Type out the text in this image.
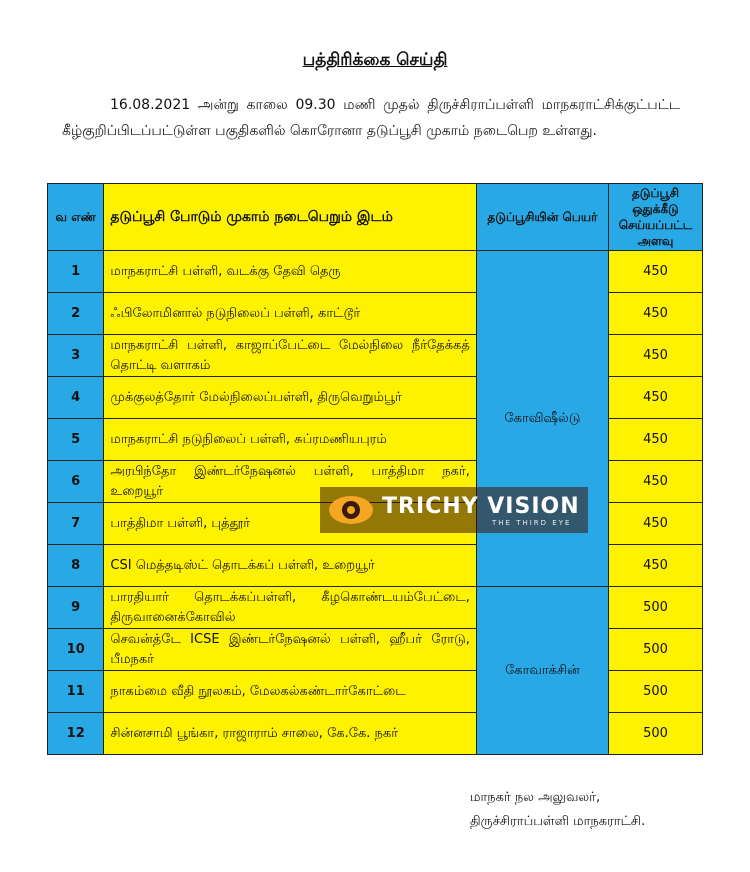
பத்திரிக்கை செய்தி
16.08.2021 அன்று காலை 09.30 மணி முதல் திருச்சிராப்பள்ளி மாநகராட்சிக்குட்பட்ட கீழ்குறிப்பிடப்பட்டுள்ள பகுதிகளில் கொரோனா தடுப்பூசி முகாம் நடைபெற உள்ளது.
வ எண்	தடுப்பூசி போடும் முகாம் நடைபெறும் இடம்	தடுப்பூசியின் பெயர்	தடுப்பூசி ஒதுக்கீடு செய்யப்பட்ட அளவு
1	மாநகராட்சி பள்ளி, வடக்கு தேவி தெரு	கோவிஷீல்டு	450
2	ஃபிலோமினால் நடுநிலைப் பள்ளி, காட்டூர்		450
3	மாநகராட்சி பள்ளி, காஜாப்பேட்டை மேல்நிலை நீர்தேக்கத் தொட்டி வளாகம்		450
4	முக்குலத்தோர் மேல்நிலைப்பள்ளி, திருவெறும்பூர்		450
5	மாநகராட்சி நடுநிலைப் பள்ளி, சுப்ரமணியபுரம்		450
6	அரபிந்தோ இண்டர்நேஷனல் பள்ளி, பாத்திமா நகர், உறையூர்		450
7	பாத்திமா பள்ளி, புத்தூர்		450
8	CSI மெத்தடிஸ்ட் தொடக்கப் பள்ளி, உறையூர்		450
9	பாரதியார் தொடக்கப்பள்ளி, கீழகொண்டயம்பேட்டை, திருவானைக்கோவில்	கோவாக்சின்	500
10	செவன்த்டே ICSE இண்டர்நேஷனல் பள்ளி, ஹீபர் ரோடு, பீமநகர்		500
11	நாகம்மை வீதி நூலகம், மேலகல்கண்டார்கோட்டை		500
12	சின்னசாமி பூங்கா, ராஜாராம் சாலை, கே.கே. நகர்		500
TRICHY VISION
THE THIRD EYE
மாநகர் நல அலுவலர்,
திருச்சிராப்பள்ளி மாநகராட்சி.
